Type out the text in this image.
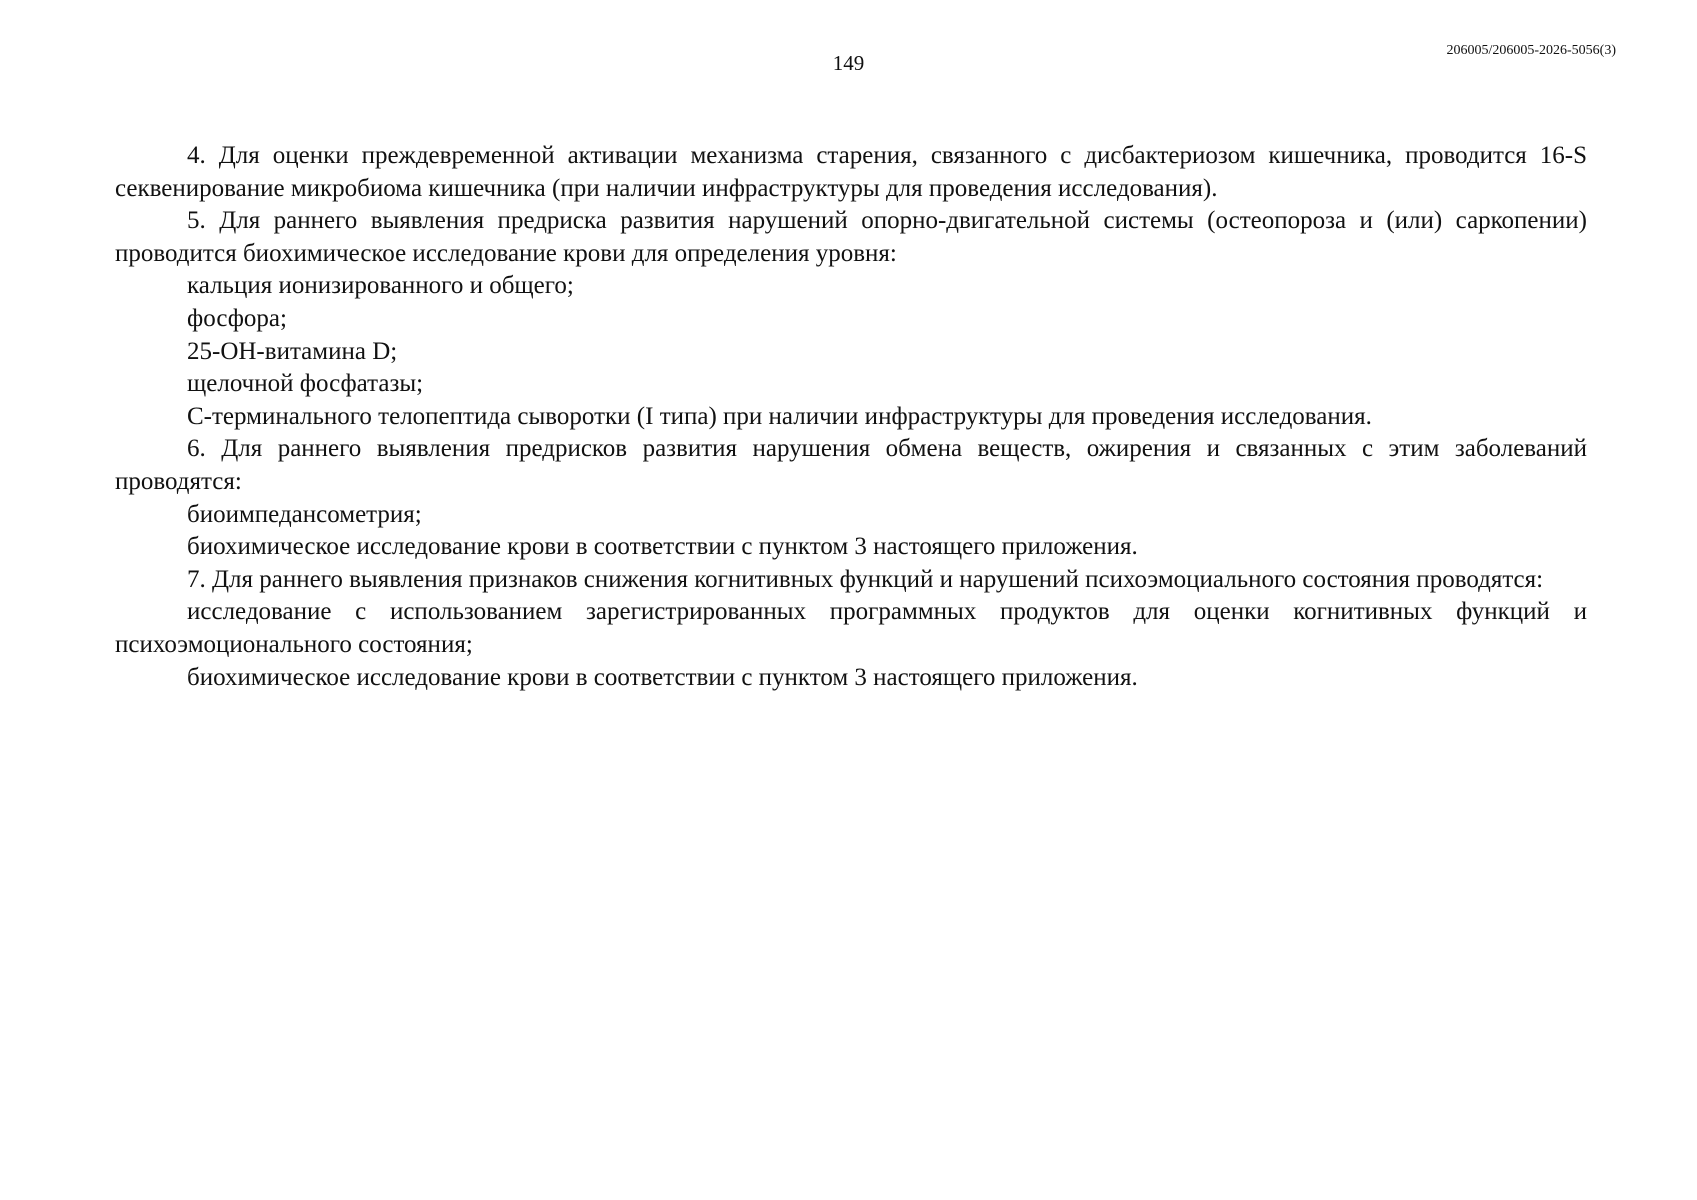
149
206005/206005-2026-5056(3)

4. Для оценки преждевременной активации механизма старения, связанного с дисбактериозом кишечника, проводится 16-S секвенирование микробиома кишечника (при наличии инфраструктуры для проведения исследования).

5. Для раннего выявления предриска развития нарушений опорно-двигательной системы (остеопороза и (или) саркопении) проводится биохимическое исследование крови для определения уровня:

кальция ионизированного и общего;

фосфора;

25-ОН-витамина D;

щелочной фосфатазы;

С-терминального телопептида сыворотки (I типа) при наличии инфраструктуры для проведения исследования.

6. Для раннего выявления предрисков развития нарушения обмена веществ, ожирения и связанных с этим заболеваний проводятся:

биоимпедансометрия;

биохимическое исследование крови в соответствии с пунктом 3 настоящего приложения.

7. Для раннего выявления признаков снижения когнитивных функций и нарушений психоэмоциального состояния проводятся:

исследование с использованием зарегистрированных программных продуктов для оценки когнитивных функций и психоэмоционального состояния;

биохимическое исследование крови в соответствии с пунктом 3 настоящего приложения.
